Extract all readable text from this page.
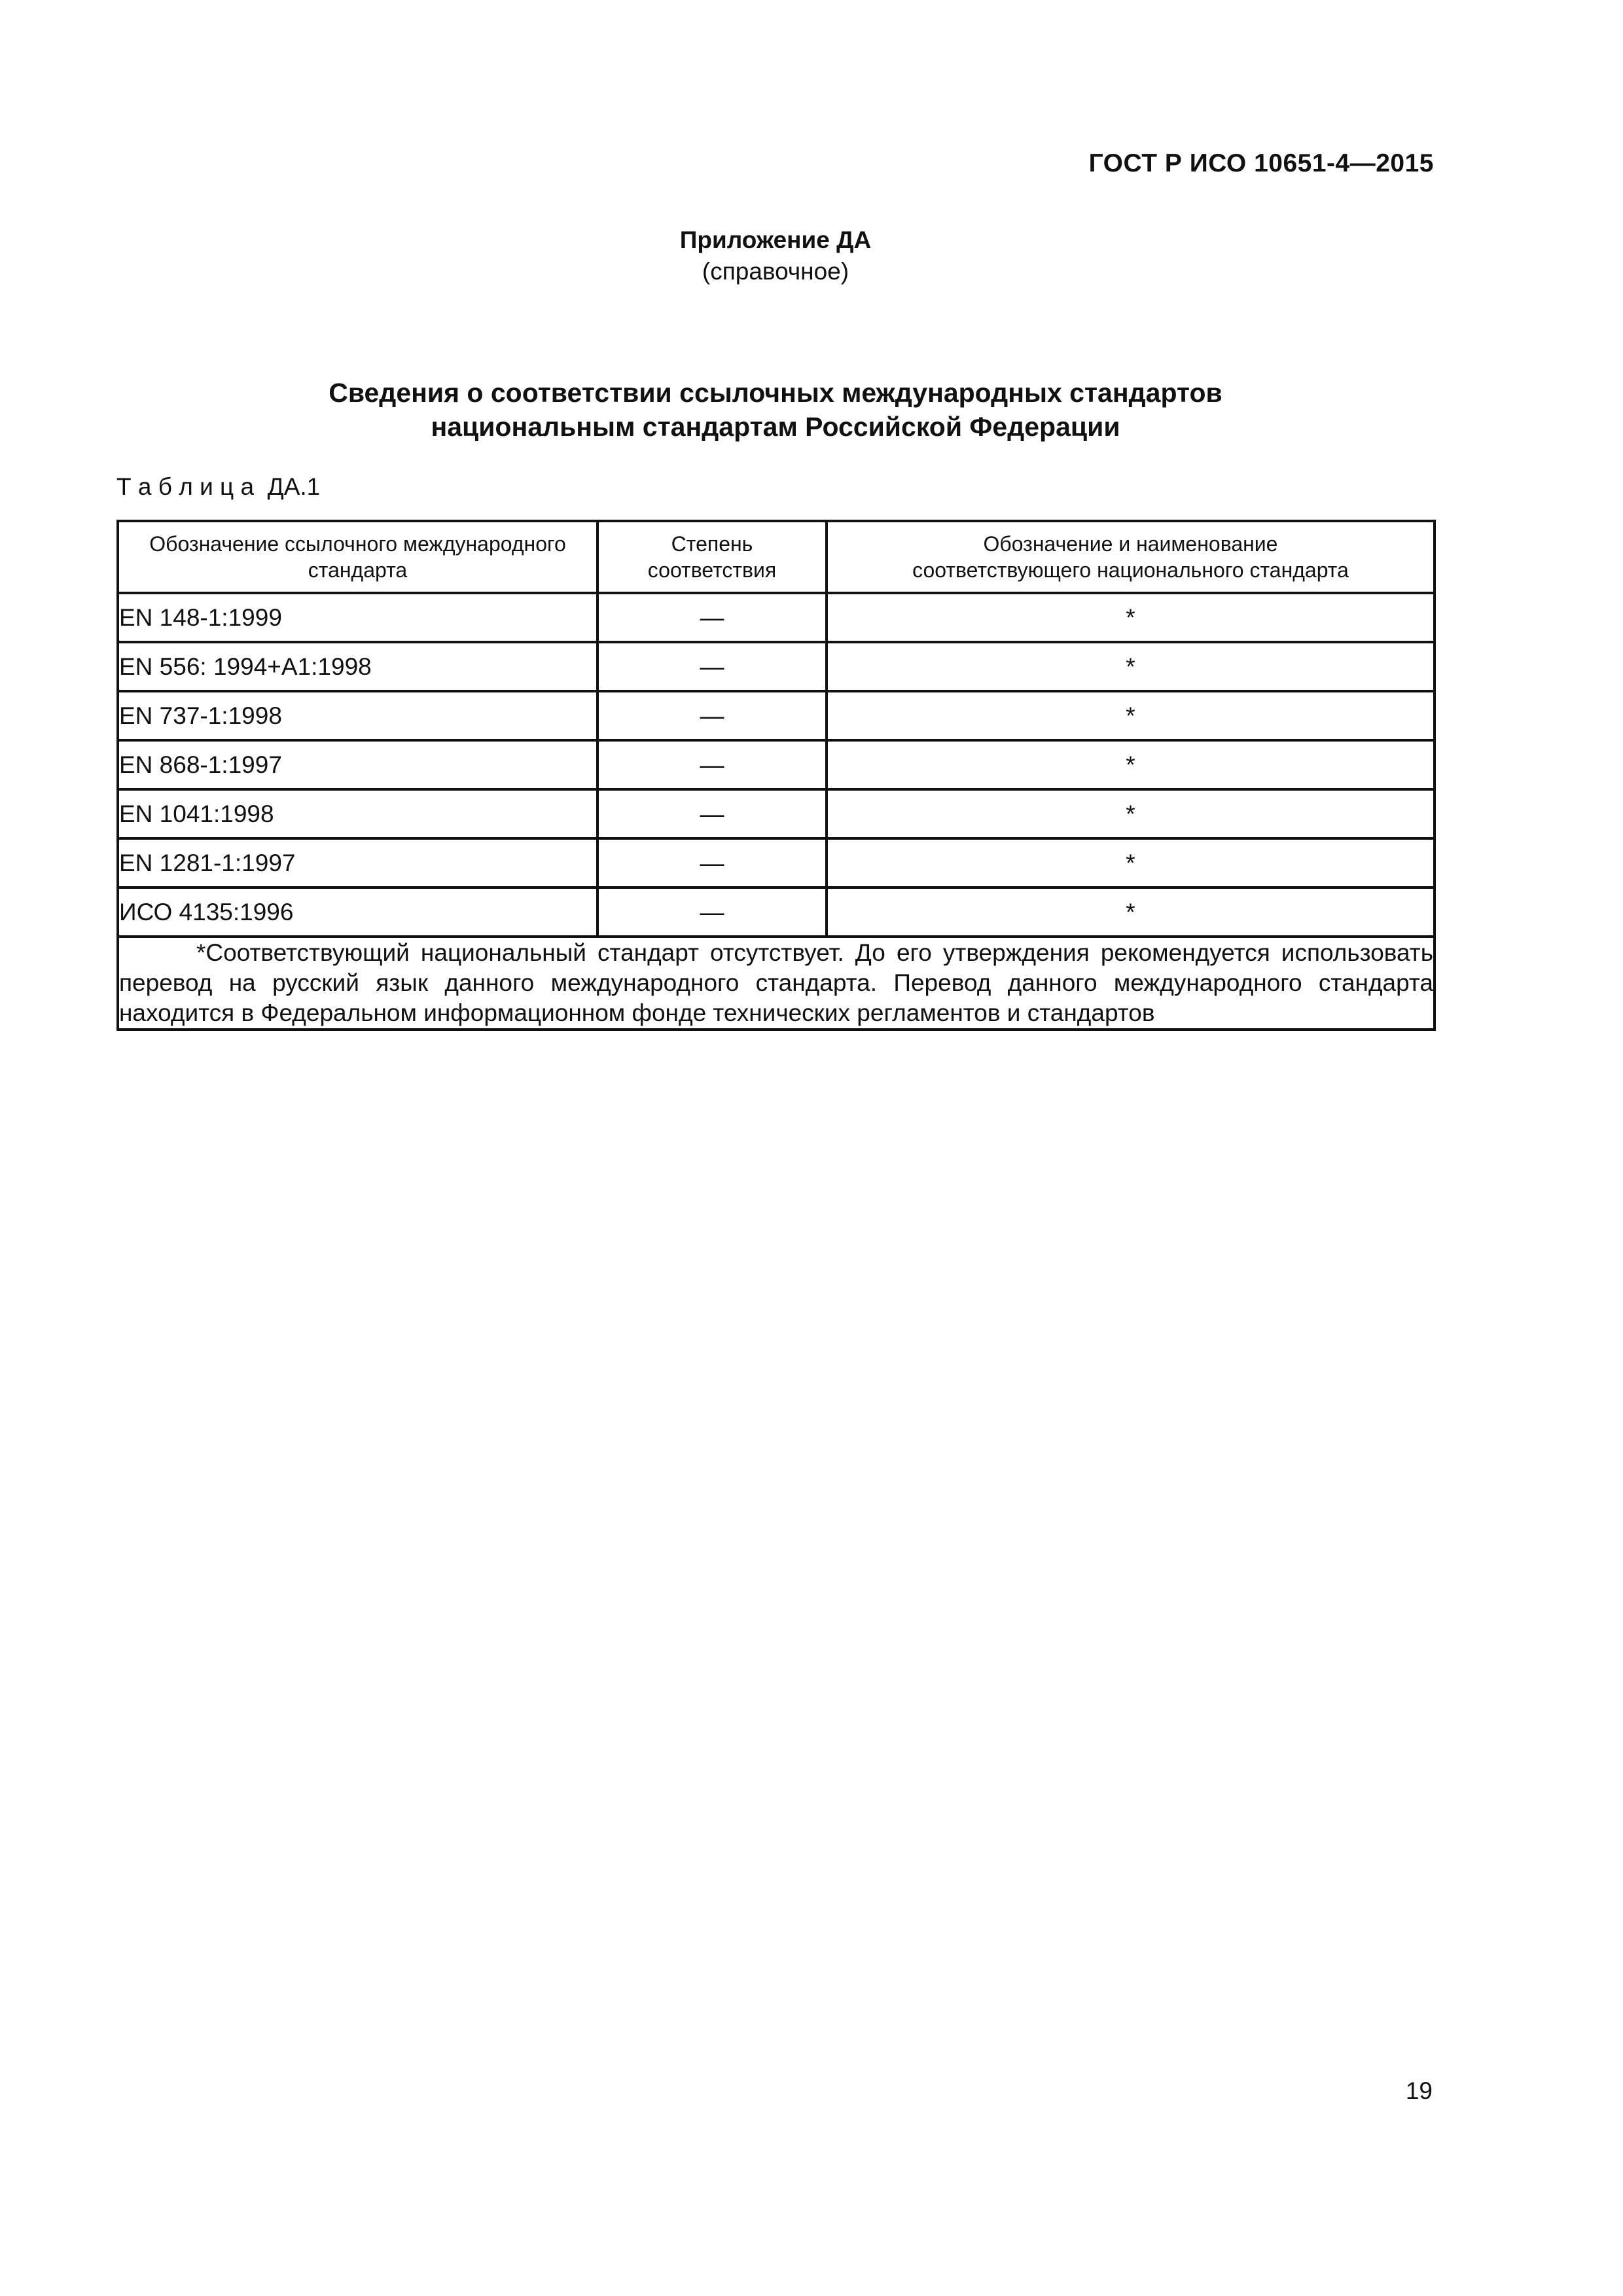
ГОСТ Р ИСО 10651-4—2015
Приложение ДА
(справочное)
Сведения о соответствии ссылочных международных стандартов
национальным стандартам Российской Федерации
Т а б л и ц а  ДА.1
Обозначение ссылочного международного стандарта	Степень соответствия	Обозначение и наименование соответствующего национального стандарта
EN 148-1:1999	—	*
EN 556: 1994+A1:1998	—	*
EN 737-1:1998	—	*
EN 868-1:1997	—	*
EN 1041:1998	—	*
EN 1281-1:1997	—	*
ИСО 4135:1996	—	*

*Соответствующий национальный стандарт отсутствует. До его утверждения рекомендуется использовать перевод на русский язык данного международного стандарта. Перевод данного международного стандарта находится в Федеральном информационном фонде технических регламентов и стандартов		
19
